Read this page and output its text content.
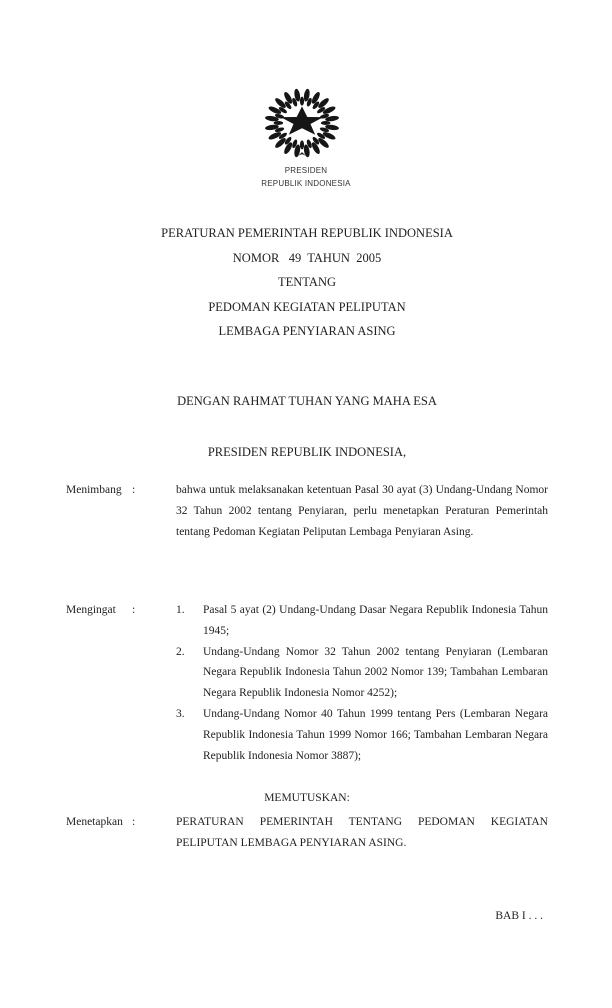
PRESIDEN
REPUBLIK INDONESIA
PERATURAN PEMERINTAH REPUBLIK INDONESIA
NOMOR   49  TAHUN  2005
TENTANG
PEDOMAN KEGIATAN PELIPUTAN
LEMBAGA PENYIARAN ASING
DENGAN RAHMAT TUHAN YANG MAHA ESA
PRESIDEN REPUBLIK INDONESIA,
Menimbang :	bahwa untuk melaksanakan ketentuan Pasal 30 ayat (3) Undang-Undang Nomor 32 Tahun 2002 tentang Penyiaran, perlu menetapkan Peraturan Pemerintah tentang Pedoman Kegiatan Peliputan Lembaga Penyiaran Asing.
Mengingat	:	1.	Pasal 5 ayat (2) Undang-Undang Dasar Negara Republik Indonesia Tahun 1945;
2.	Undang-Undang Nomor 32 Tahun 2002 tentang Penyiaran (Lembaran Negara Republik Indonesia Tahun 2002 Nomor 139; Tambahan Lembaran Negara Republik Indonesia Nomor 4252);
3.	Undang-Undang Nomor 40 Tahun 1999 tentang Pers (Lembaran Negara Republik Indonesia Tahun 1999 Nomor 166; Tambahan Lembaran Negara Republik Indonesia Nomor 3887);
MEMUTUSKAN:
Menetapkan :	PERATURAN PEMERINTAH TENTANG PEDOMAN KEGIATAN PELIPUTAN LEMBAGA PENYIARAN ASING.
BAB I . . .
